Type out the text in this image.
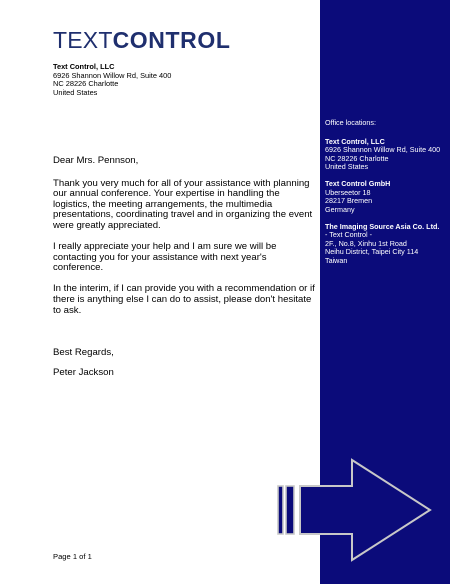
TEXTCONTROL
Text Control, LLC
6926 Shannon Willow Rd, Suite 400
NC 28226 Charlotte
United States

Dear Mrs. Pennson,

Thank you very much for all of your assistance with planning our annual conference. Your expertise in handling the logistics, the meeting arrangements, the multimedia presentations, coordinating travel and in organizing the event were greatly appreciated.

I really appreciate your help and I am sure we will be contacting you for your assistance with next year's conference.

In the interim, if I can provide you with a recommendation or if there is anything else I can do to assist, please don't hesitate to ask.

Best Regards,

Peter Jackson

Office locations:
Text Control, LLC
6926 Shannon Willow Rd, Suite 400
NC 28226 Charlotte
United States
Text Control GmbH
Uberseetor 18
28217 Bremen
Germany
The Imaging Source Asia Co. Ltd.
- Text Control -
2F., No.8, Xinhu 1st Road
Neihu District, Taipei City 114
Taiwan
Page 1 of 1
